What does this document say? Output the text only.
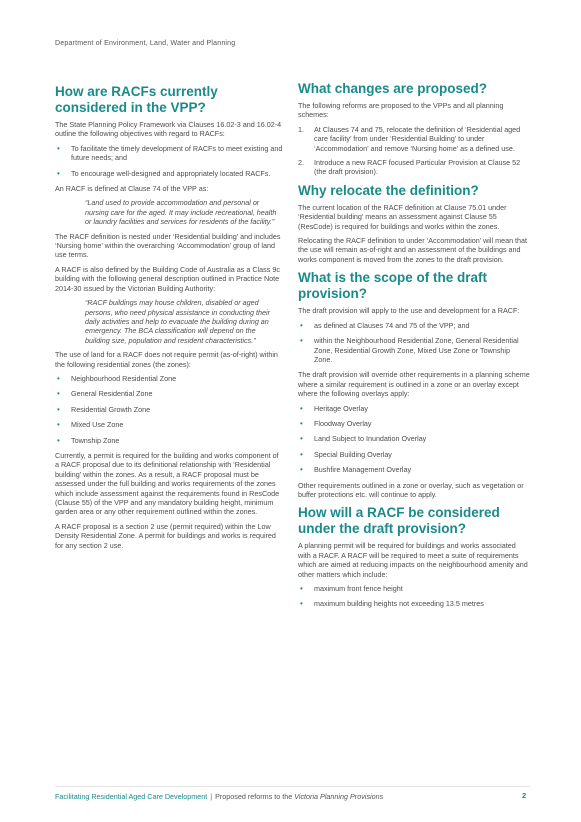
Department of Environment, Land, Water and Planning
How are RACFs currently considered in the VPP?

The State Planning Policy Framework via Clauses 16.02-3 and 16.02-4 outline the following objectives with regard to RACFs:

• To facilitate the timely development of RACFs to meet existing and future needs; and
• To encourage well-designed and appropriately located RACFs.

An RACF is defined at Clause 74 of the VPP as:

“Land used to provide accommodation and personal or nursing care for the aged. It may include recreational, health or laundry facilities and services for residents of the facility.”

The RACF definition is nested under ‘Residential building’ and includes ‘Nursing home’ within the overarching ‘Accommodation’ group of land use terms.

A RACF is also defined by the Building Code of Australia as a Class 9c building with the following general description outlined in Practice Note 2014-30 issued by the Victorian Building Authority:

“RACF buildings may house children, disabled or aged persons, who need physical assistance in conducting their daily activities and help to evacuate the building during an emergency. The BCA classification will depend on the building size, population and resident characteristics.”

The use of land for a RACF does not require permit (as-of-right) within the following residential zones (the zones):

• Neighbourhood Residential Zone
• General Residential Zone
• Residential Growth Zone
• Mixed Use Zone
• Township Zone

Currently, a permit is required for the building and works component of a RACF proposal due to its definitional relationship with ‘Residential building’ within the zones. As a result, a RACF proposal must be assessed under the full building and works requirements of the zones which include assessment against the requirements found in ResCode (Clause 55) of the VPP and any mandatory building height, minimum garden area or any other requirement outlined within the zones.

A RACF proposal is a section 2 use (permit required) within the Low Density Residential Zone. A permit for buildings and works is required for any section 2 use.

What changes are proposed?

The following reforms are proposed to the VPPs and all planning schemes:

1. At Clauses 74 and 75, relocate the definition of ‘Residential aged care facility’ from under ‘Residential Building’ to under ‘Accommodation’ and remove ‘Nursing home’ as a defined use.
2. Introduce a new RACF focused Particular Provision at Clause 52 (the draft provision).
Why relocate the definition?

The current location of the RACF definition at Clause 75.01 under ‘Residential building’ means an assessment against Clause 55 (ResCode) is required for buildings and works within the zones.

Relocating the RACF definition to under ‘Accommodation’ will mean that the use will remain as-of-right and an assessment of the buildings and works component is moved from the zones to the draft provision.

What is the scope of the draft provision?

The draft provision will apply to the use and development for a RACF:

• as defined at Clauses 74 and 75 of the VPP; and
• within the Neighbourhood Residential Zone, General Residential Zone, Residential Growth Zone, Mixed Use Zone or Township Zone.

The draft provision will override other requirements in a planning scheme where a similar requirement is outlined in a zone or an overlay except where the following overlays apply:

• Heritage Overlay
• Floodway Overlay
• Land Subject to Inundation Overlay
• Special Building Overlay
• Bushfire Management Overlay

Other requirements outlined in a zone or overlay, such as vegetation or buffer protections etc. will continue to apply.

How will a RACF be considered under the draft provision?

A planning permit will be required for buildings and works associated with a RACF. A RACF will be required to meet a suite of requirements which are aimed at reducing impacts on the neighbourhood amenity and other matters which include:

• maximum front fence height
• maximum building heights not exceeding 13.5 metres
Facilitating Residential Aged Care Development | Proposed reforms to the Victoria Planning Provisions	2
